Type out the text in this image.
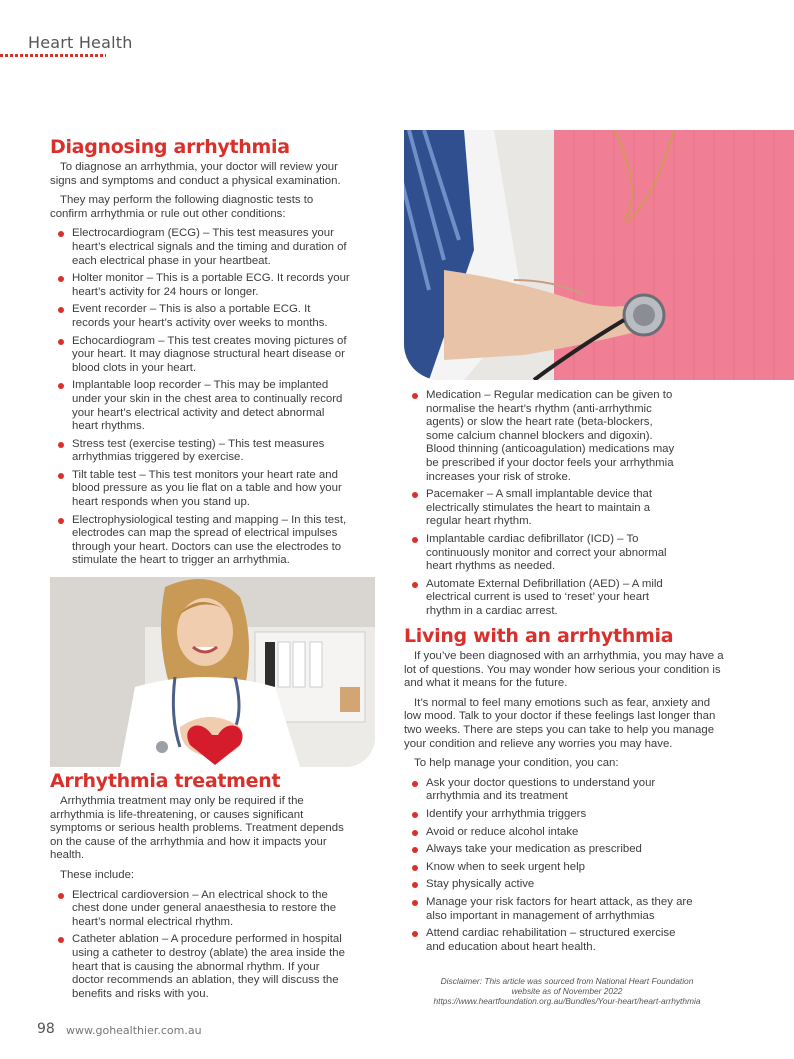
Heart Health
Diagnosing arrhythmia

To diagnose an arrhythmia, your doctor will review your signs and symptoms and conduct a physical examination.

They may perform the following diagnostic tests to confirm arrhythmia or rule out other conditions:

Electrocardiogram (ECG) – This test measures your heart’s electrical signals and the timing and duration of each electrical phase in your heartbeat.
Holter monitor – This is a portable ECG. It records your heart’s activity for 24 hours or longer.
Event recorder – This is also a portable ECG. It records your heart’s activity over weeks to months.
Echocardiogram – This test creates moving pictures of your heart. It may diagnose structural heart disease or blood clots in your heart.
Implantable loop recorder – This may be implanted under your skin in the chest area to continually record your heart’s electrical activity and detect abnormal heart rhythms.
Stress test (exercise testing) – This test measures arrhythmias triggered by exercise.
Tilt table test – This test monitors your heart rate and blood pressure as you lie flat on a table and how your heart responds when you stand up.
Electrophysiological testing and mapping – In this test, electrodes can map the spread of electrical impulses through your heart. Doctors can use the electrodes to stimulate the heart to trigger an arrhythmia.
Arrhythmia treatment

Arrhythmia treatment may only be required if the arrhythmia is life-threatening, or causes significant symptoms or serious health problems. Treatment depends on the cause of the arrhythmia and how it impacts your health.

These include:

Electrical cardioversion – An electrical shock to the chest done under general anaesthesia to restore the heart’s normal electrical rhythm.
Catheter ablation – A procedure performed in hospital using a catheter to destroy (ablate) the area inside the heart that is causing the abnormal rhythm. If your doctor recommends an ablation, they will discuss the benefits and risks with you.
Medication – Regular medication can be given to normalise the heart’s rhythm (anti-arrhythmic agents) or slow the heart rate (beta-blockers, some calcium channel blockers and digoxin). Blood thinning (anticoagulation) medications may be prescribed if your doctor feels your arrhythmia increases your risk of stroke.
Pacemaker – A small implantable device that electrically stimulates the heart to maintain a regular heart rhythm.
Implantable cardiac defibrillator (ICD) – To continuously monitor and correct your abnormal heart rhythms as needed.
Automate External Defibrillation (AED) – A mild electrical current is used to ‘reset’ your heart rhythm in a cardiac arrest.
Living with an arrhythmia

If you’ve been diagnosed with an arrhythmia, you may have a lot of questions. You may wonder how serious your condition is and what it means for the future.

It’s normal to feel many emotions such as fear, anxiety and low mood. Talk to your doctor if these feelings last longer than two weeks. There are steps you can take to help you manage your condition and relieve any worries you may have.

To help manage your condition, you can:

Ask your doctor questions to understand your arrhythmia and its treatment
Identify your arrhythmia triggers
Avoid or reduce alcohol intake
Always take your medication as prescribed
Know when to seek urgent help
Stay physically active
Manage your risk factors for heart attack, as they are also important in management of arrhythmias
Attend cardiac rehabilitation – structured exercise and education about heart health.
Disclaimer: This article was sourced from National Heart Foundation
website as of November 2022
https://www.heartfoundation.org.au/Bundles/Your-heart/heart-arrhythmia
98 www.gohealthier.com.au
